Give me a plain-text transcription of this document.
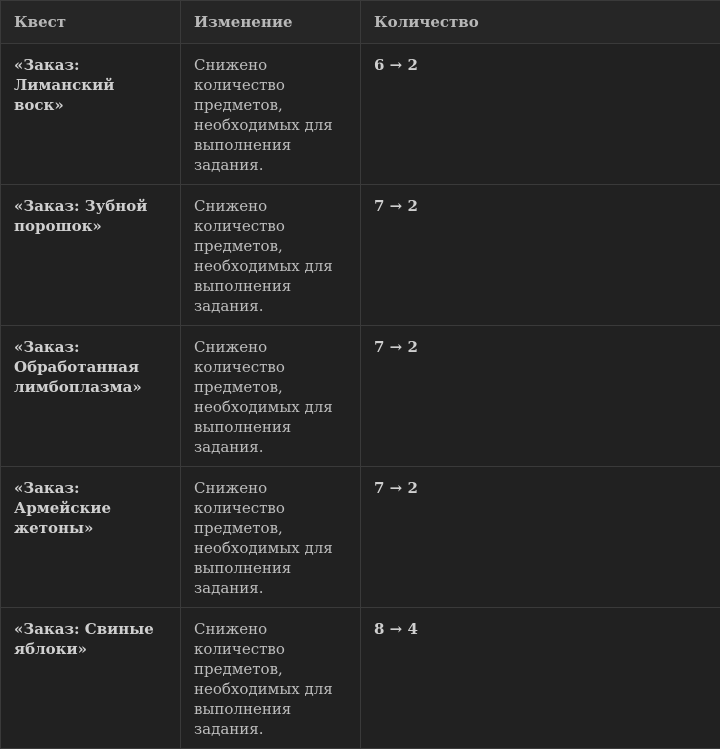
Квест	Изменение	Количество
«Заказ: Лиманский воск»	Снижено количество предметов, необходимых для выполнения задания.	6 → 2
«Заказ: Зубной порошок»	Снижено количество предметов, необходимых для выполнения задания.	7 → 2
«Заказ: Обработанная лимбоплазма»	Снижено количество предметов, необходимых для выполнения задания.	7 → 2
«Заказ: Армейские жетоны»	Снижено количество предметов, необходимых для выполнения задания.	7 → 2
«Заказ: Свиные яблоки»	Снижено количество предметов, необходимых для выполнения задания.	8 → 4
